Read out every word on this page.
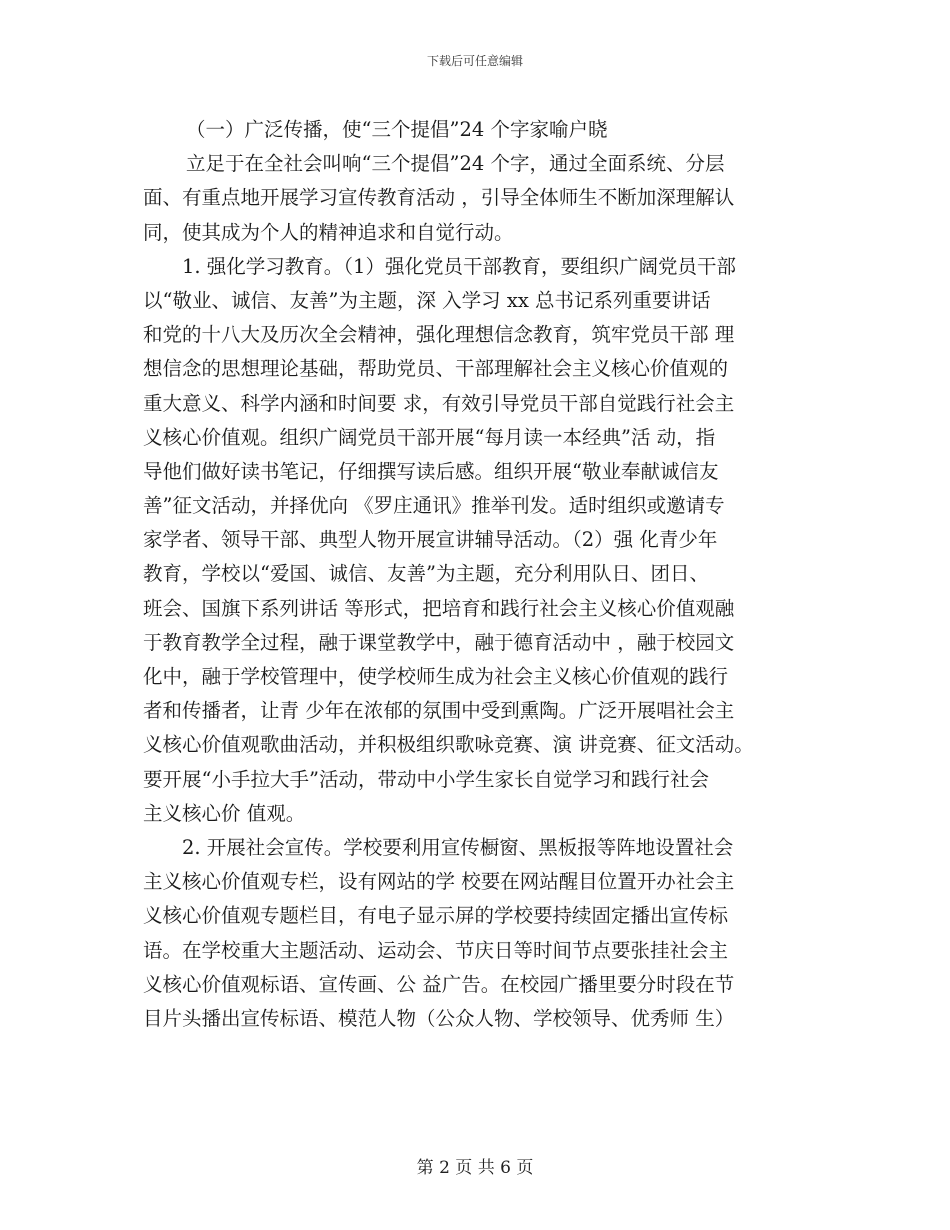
下载后可任意编辑
（一）广泛传播，使“三个提倡”24 个字家喻户晓
立足于在全社会叫响“三个提倡”24 个字，通过全面系统、分层
面、有重点地开展学习宣传教育活动 ，引导全体师生不断加深理解认
同，使其成为个人的精神追求和自觉行动。
1. 强化学习教育。（1）强化党员干部教育，要组织广阔党员干部
以“敬业、诚信、友善”为主题，深 入学习 xx 总书记系列重要讲话
和党的十八大及历次全会精神，强化理想信念教育，筑牢党员干部 理
想信念的思想理论基础，帮助党员、干部理解社会主义核心价值观的
重大意义、科学内涵和时间要 求，有效引导党员干部自觉践行社会主
义核心价值观。组织广阔党员干部开展“每月读一本经典”活 动，指
导他们做好读书笔记，仔细撰写读后感。组织开展“敬业奉献诚信友
善”征文活动，并择优向 《罗庄通讯》推举刊发。适时组织或邀请专
家学者、领导干部、典型人物开展宣讲辅导活动。（2）强 化青少年
教育，学校以“爱国、诚信、友善”为主题，充分利用队日、团日、
班会、国旗下系列讲话 等形式，把培育和践行社会主义核心价值观融
于教育教学全过程，融于课堂教学中，融于德育活动中 ，融于校园文
化中，融于学校管理中，使学校师生成为社会主义核心价值观的践行
者和传播者，让青 少年在浓郁的氛围中受到熏陶。广泛开展唱社会主
义核心价值观歌曲活动，并积极组织歌咏竞赛、演 讲竞赛、征文活动。
要开展“小手拉大手”活动，带动中小学生家长自觉学习和践行社会
主义核心价 值观。
2. 开展社会宣传。学校要利用宣传橱窗、黑板报等阵地设置社会
主义核心价值观专栏，设有网站的学 校要在网站醒目位置开办社会主
义核心价值观专题栏目，有电子显示屏的学校要持续固定播出宣传标
语。在学校重大主题活动、运动会、节庆日等时间节点要张挂社会主
义核心价值观标语、宣传画、公 益广告。在校园广播里要分时段在节
目片头播出宣传标语、模范人物（公众人物、学校领导、优秀师 生）
第 2 页 共 6 页
